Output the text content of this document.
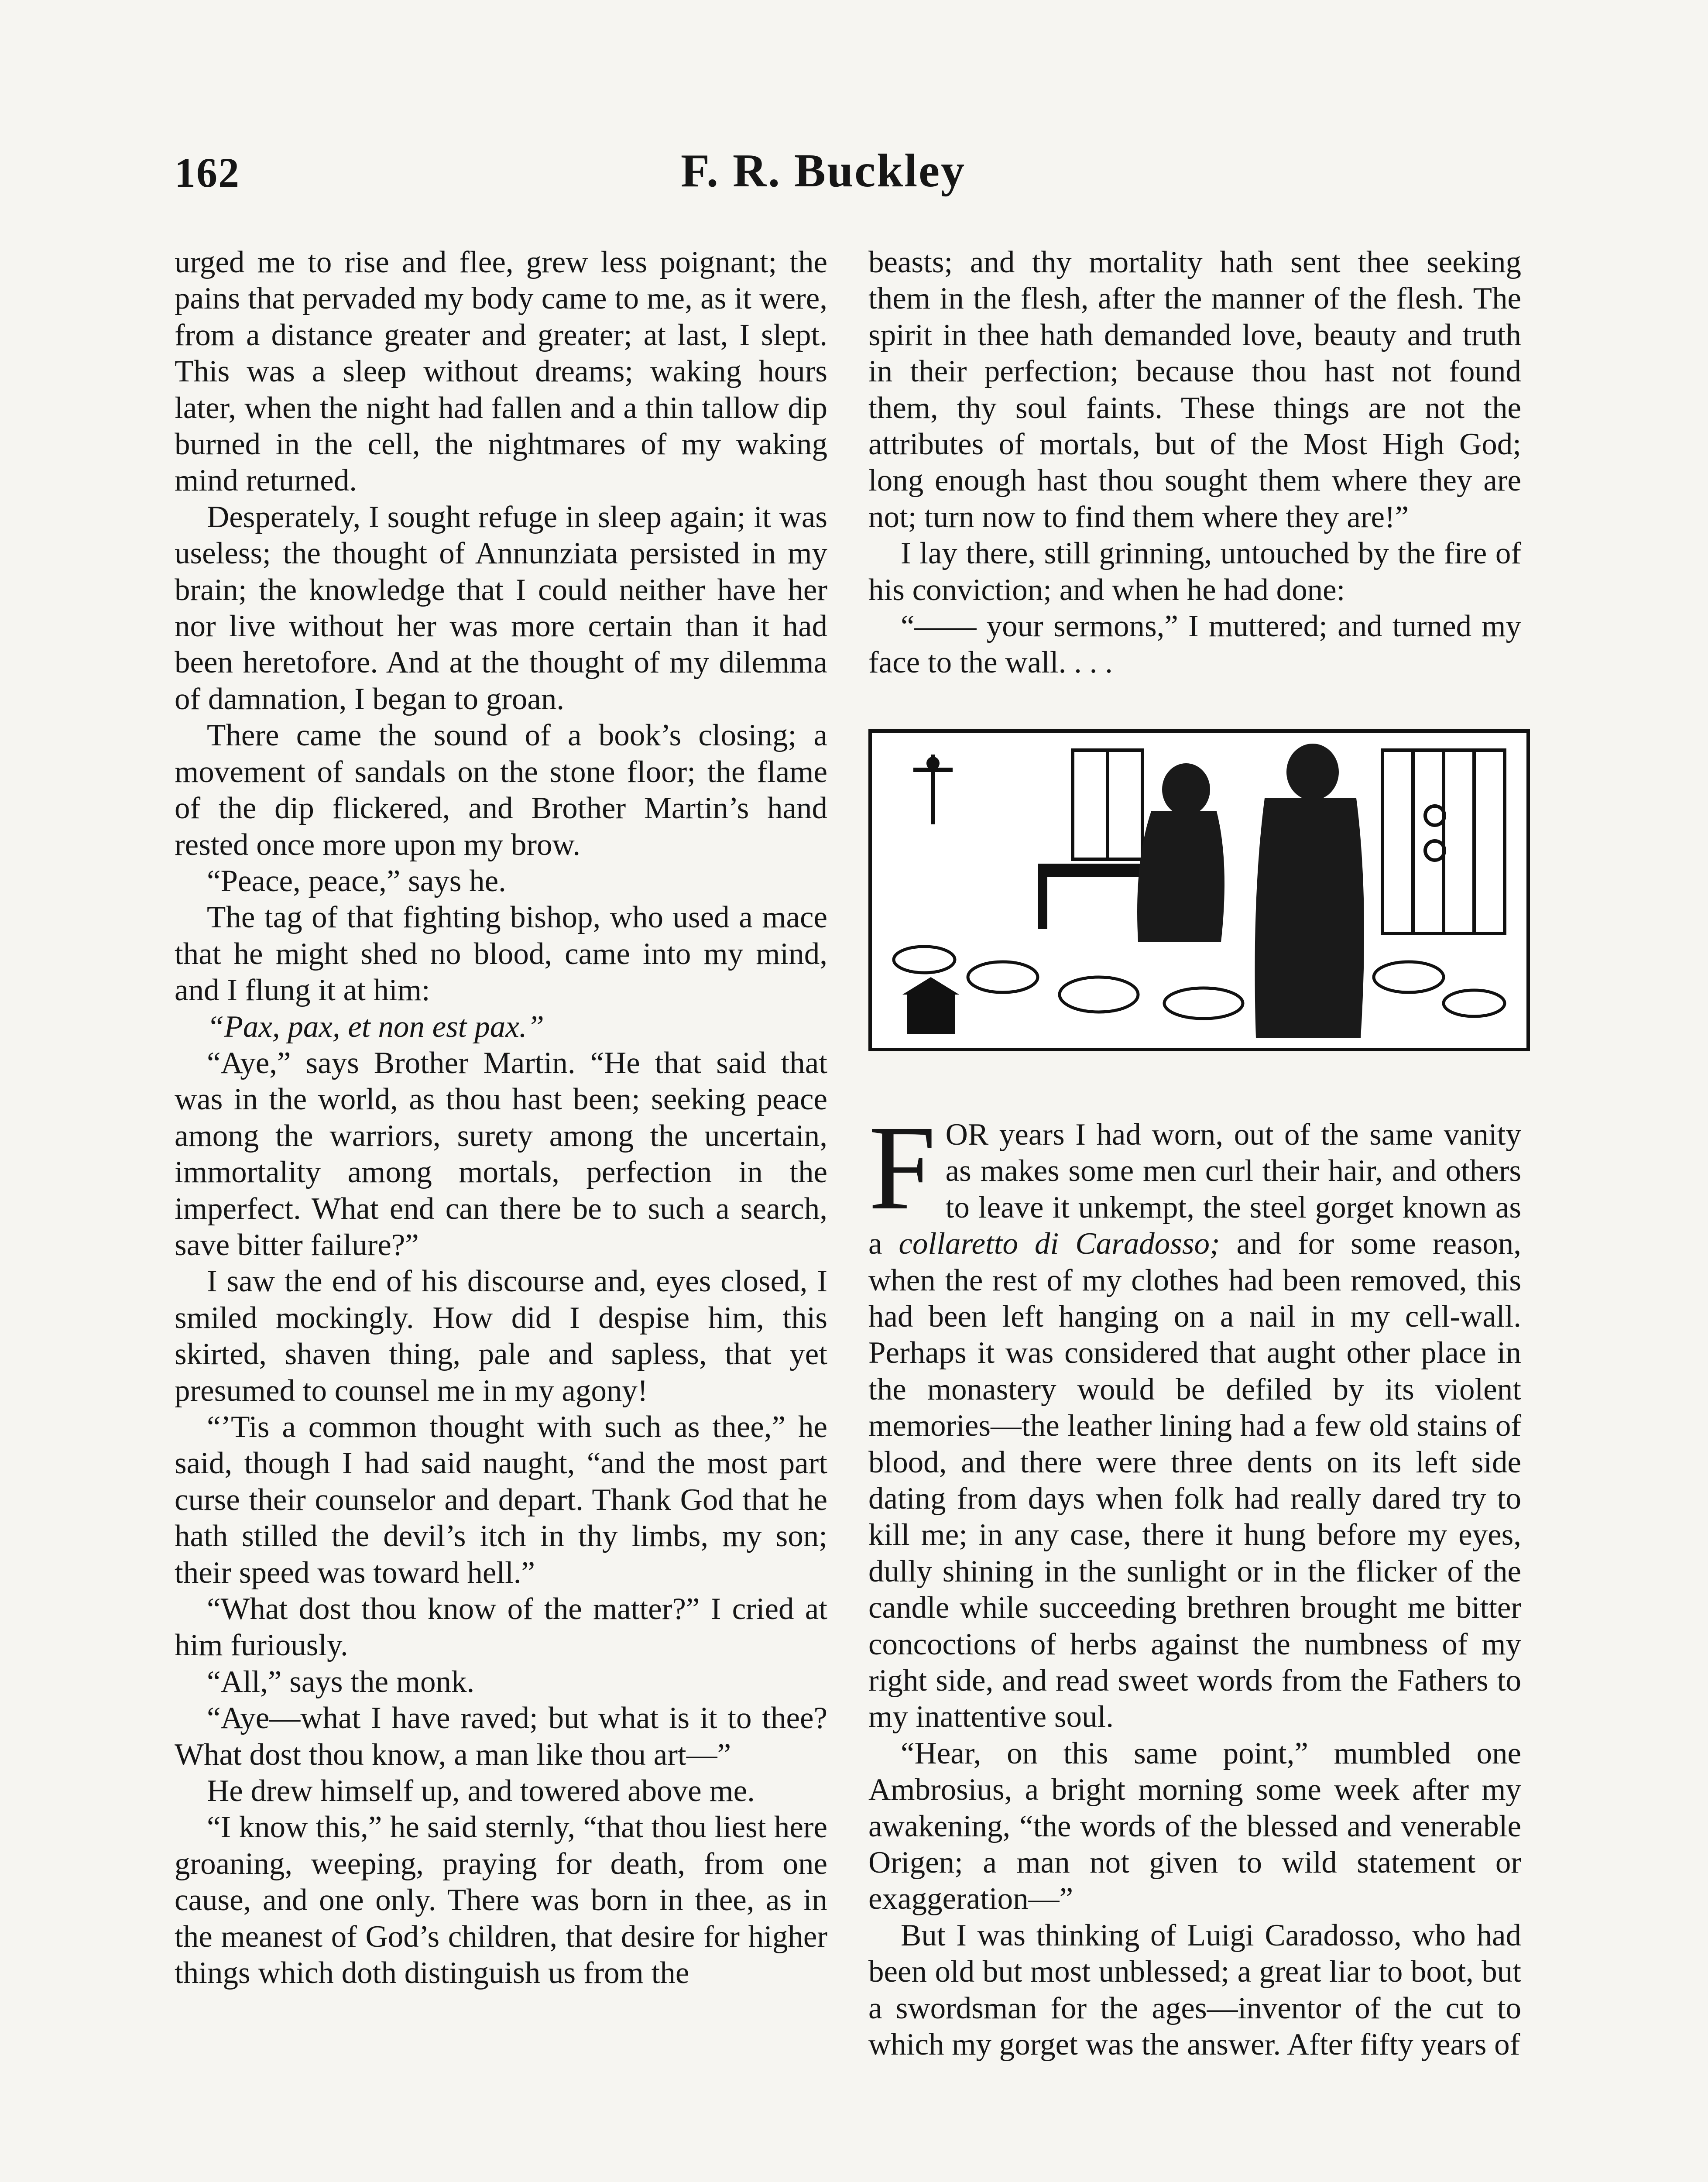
162	F. R. Buckley

urged me to rise and flee, grew less poignant; the pains that pervaded my body came to me, as it were, from a distance greater and greater; at last, I slept. This was a sleep without dreams; waking hours later, when the night had fallen and a thin tallow dip burned in the cell, the nightmares of my waking mind returned.

Desperately, I sought refuge in sleep again; it was useless; the thought of Annunziata persisted in my brain; the knowledge that I could neither have her nor live without her was more certain than it had been heretofore. And at the thought of my dilemma of damnation, I began to groan.

There came the sound of a book’s closing; a movement of sandals on the stone floor; the flame of the dip flickered, and Brother Martin’s hand rested once more upon my brow.

“Peace, peace,” says he.

The tag of that fighting bishop, who used a mace that he might shed no blood, came into my mind, and I flung it at him:

“Pax, pax, et non est pax.”

“Aye,” says Brother Martin. “He that said that was in the world, as thou hast been; seeking peace among the warriors, surety among the uncertain, immortality among mortals, perfection in the imperfect. What end can there be to such a search, save bitter failure?”

I saw the end of his discourse and, eyes closed, I smiled mockingly. How did I despise him, this skirted, shaven thing, pale and sapless, that yet presumed to counsel me in my agony!

“’Tis a common thought with such as thee,” he said, though I had said naught, “and the most part curse their counselor and depart. Thank God that he hath stilled the devil’s itch in thy limbs, my son; their speed was toward hell.”

“What dost thou know of the matter?” I cried at him furiously.

“All,” says the monk.

“Aye—what I have raved; but what is it to thee? What dost thou know, a man like thou art—”

He drew himself up, and towered above me.

“I know this,” he said sternly, “that thou liest here groaning, weeping, praying for death, from one cause, and one only. There was born in thee, as in the meanest of God’s children, that desire for higher things which doth distinguish us from the

beasts; and thy mortality hath sent thee seeking them in the flesh, after the manner of the flesh. The spirit in thee hath demanded love, beauty and truth in their perfection; because thou hast not found them, thy soul faints. These things are not the attributes of mortals, but of the Most High God; long enough hast thou sought them where they are not; turn now to find them where they are!”

I lay there, still grinning, untouched by the fire of his conviction; and when he had done:

“—— your sermons,” I muttered; and turned my face to the wall. . . .

FOR years I had worn, out of the same vanity as makes some men curl their hair, and others to leave it unkempt, the steel gorget known as a collaretto di Caradosso; and for some reason, when the rest of my clothes had been removed, this had been left hanging on a nail in my cell-wall. Perhaps it was considered that aught other place in the monastery would be defiled by its violent memories—the leather lining had a few old stains of blood, and there were three dents on its left side dating from days when folk had really dared try to kill me; in any case, there it hung before my eyes, dully shining in the sunlight or in the flicker of the candle while succeeding brethren brought me bitter concoctions of herbs against the numbness of my right side, and read sweet words from the Fathers to my inattentive soul.

“Hear, on this same point,” mumbled one Ambrosius, a bright morning some week after my awakening, “the words of the blessed and venerable Origen; a man not given to wild statement or exaggeration—”

But I was thinking of Luigi Caradosso, who had been old but most unblessed; a great liar to boot, but a swordsman for the ages—inventor of the cut to which my gorget was the answer. After fifty years of
